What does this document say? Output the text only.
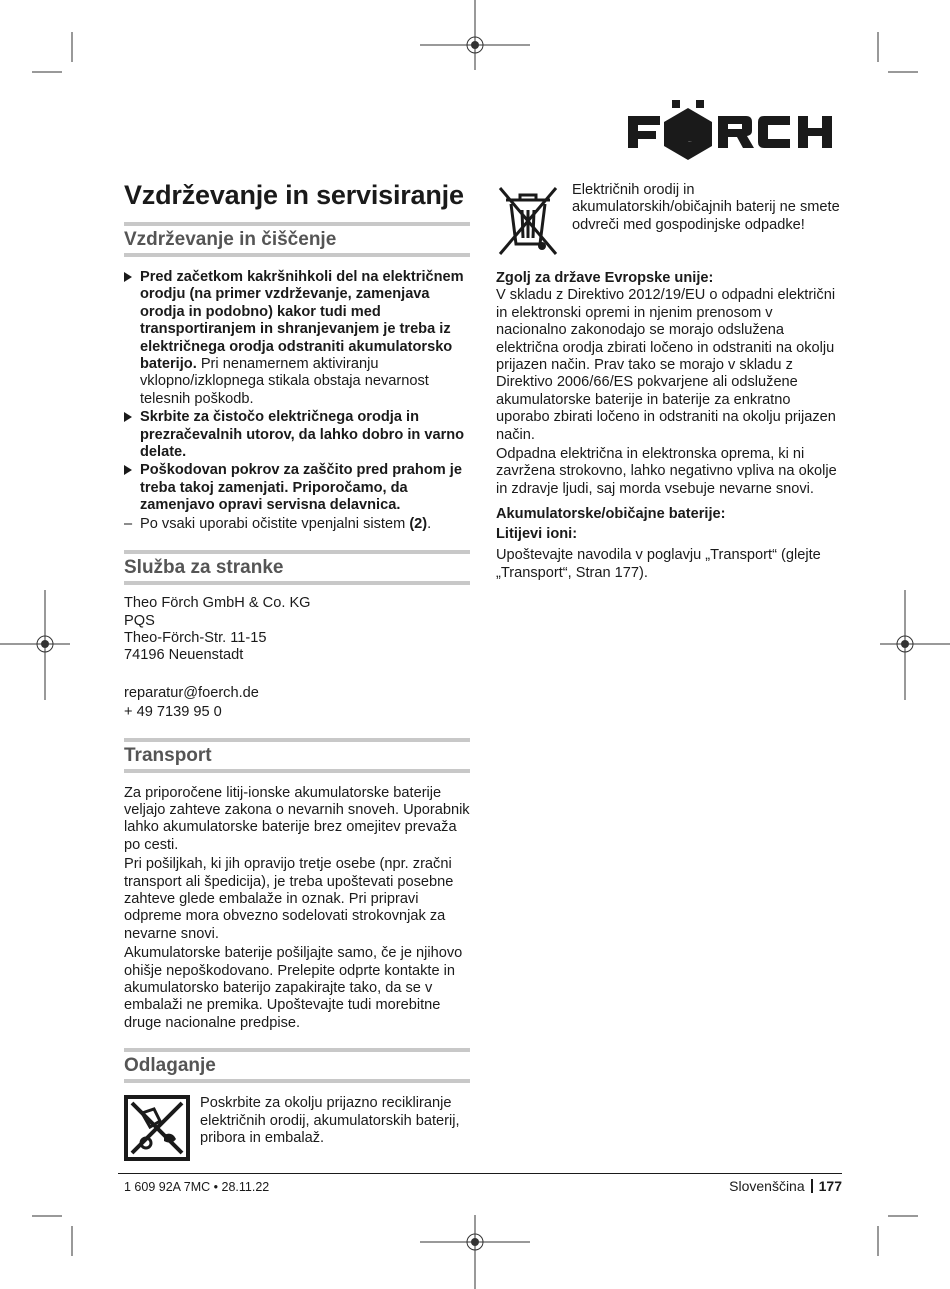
FÖRCH
Vzdrževanje in servisiranje
Vzdrževanje in čiščenje
Pred začetkom kakršnihkoli del na električnem orodju (na primer vzdrževanje, zamenjava orodja in podobno) kakor tudi med transportiranjem in shranjevanjem je treba iz električnega orodja odstraniti akumulatorsko baterijo. Pri nenamernem aktiviranju vklopno/izklopnega stikala obstaja nevarnost telesnih poškodb.
Skrbite za čistočo električnega orodja in prezračevalnih utorov, da lahko dobro in varno delate.
Poškodovan pokrov za zaščito pred prahom je treba takoj zamenjati. Priporočamo, da zamenjavo opravi servisna delavnica.
– Po vsaki uporabi očistite vpenjalni sistem (2).
Služba za stranke

Theo Förch GmbH & Co. KG

PQS

Theo-Förch-Str. 11-15

74196 Neuenstadt

reparatur@foerch.de

+ 49 7139 95 0

Transport

Za priporočene litij-ionske akumulatorske baterije veljajo zahteve zakona o nevarnih snoveh. Uporabnik lahko akumulatorske baterije brez omejitev prevaža po cesti.

Pri pošiljkah, ki jih opravijo tretje osebe (npr. zračni transport ali špedicija), je treba upoštevati posebne zahteve glede embalaže in oznak. Pri pripravi odpreme mora obvezno sodelovati strokovnjak za nevarne snovi.

Akumulatorske baterije pošiljajte samo, če je njihovo ohišje nepoškodovano. Prelepite odprte kontakte in akumulatorsko baterijo zapakirajte tako, da se v embalaži ne premika. Upoštevajte tudi morebitne druge nacionalne predpise.

Odlaganje

Poskrbite za okolju prijazno recikliranje električnih orodij, akumulatorskih baterij, pribora in embalaž.

Električnih orodij in akumulatorskih/običajnih baterij ne smete odvreči med gospodinjske odpadke!

Zgolj za države Evropske unije:

V skladu z Direktivo 2012/19/EU o odpadni električni in elektronski opremi in njenim prenosom v nacionalno zakonodajo se morajo odslužena električna orodja zbirati ločeno in odstraniti na okolju prijazen način. Prav tako se morajo v skladu z Direktivo 2006/66/ES pokvarjene ali odslužene akumulatorske baterije in baterije za enkratno uporabo zbirati ločeno in odstraniti na okolju prijazen način.

Odpadna električna in elektronska oprema, ki ni zavržena strokovno, lahko negativno vpliva na okolje in zdravje ljudi, saj morda vsebuje nevarne snovi.

Akumulatorske/običajne baterije:

Litijevi ioni:

Upoštevajte navodila v poglavju „Transport“ (glejte „Transport“, Stran 177).

1 609 92A 7MC • 28.11.22	Slovenščina 177
